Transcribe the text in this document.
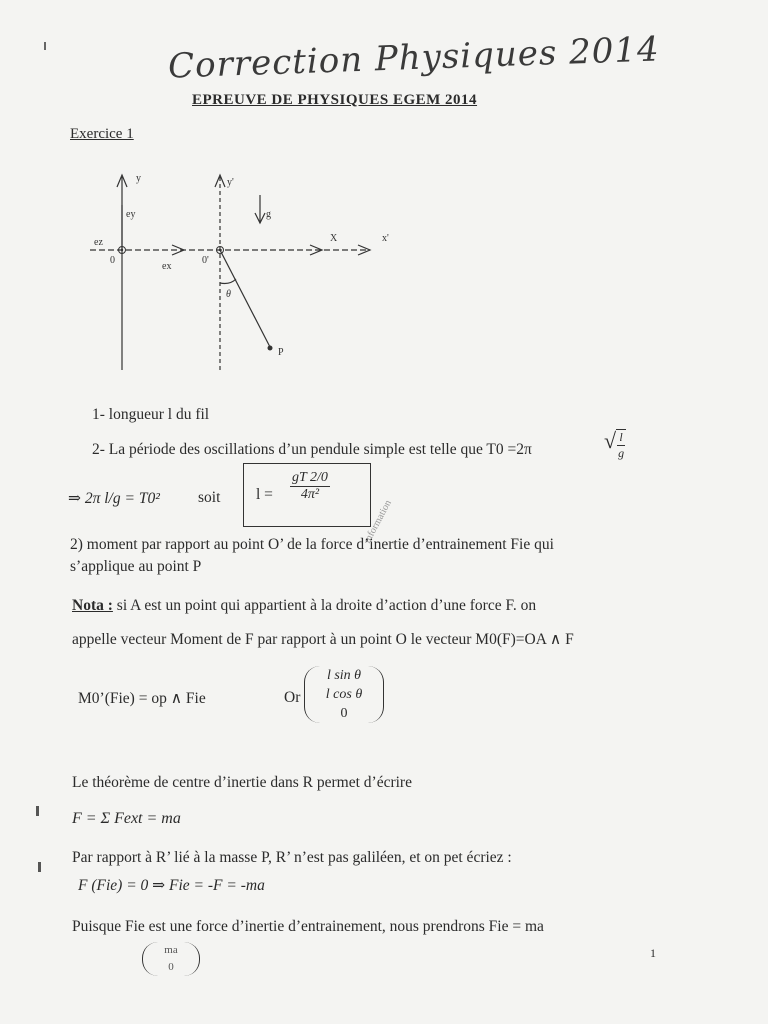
Correction Physiques 2014
EPREUVE DE PHYSIQUES EGEM 2014
Exercice 1
y	y'
ey
ez
0
ex
0'
X	x'
g
θ
P
1- longueur l du fil
2- La période des oscillations d’un pendule simple est telle que T0 =2π	√ $\frac{l}{g}$
⇒ 2π l/g = T0² soit $l = \frac{gT 2/0}{\text{4π²}}$
mformation
2) moment par rapport au point O’ de la force d’inertie d’entrainement Fie qui
s’applique au point P
Nota : si A est un point qui appartient à la droite d’action d’une force F. on
appelle vecteur Moment de F par rapport à un point O le vecteur M0(F)=OA ∧ F
M0’(Fie) = op ∧ Fie	Or
l sin θ
l cos θ
0
Le théorème de centre d’inertie dans R permet d’écrire
F = Σ Fext = ma
Par rapport à R’ lié à la masse P, R’ n’est pas galiléen, et on pet écriez :
F (Fie) = 0 ⇒ Fie = -F = -ma
Puisque Fie est une force d’inertie d’entrainement, nous prendrons Fie = ma
ma
0
1
